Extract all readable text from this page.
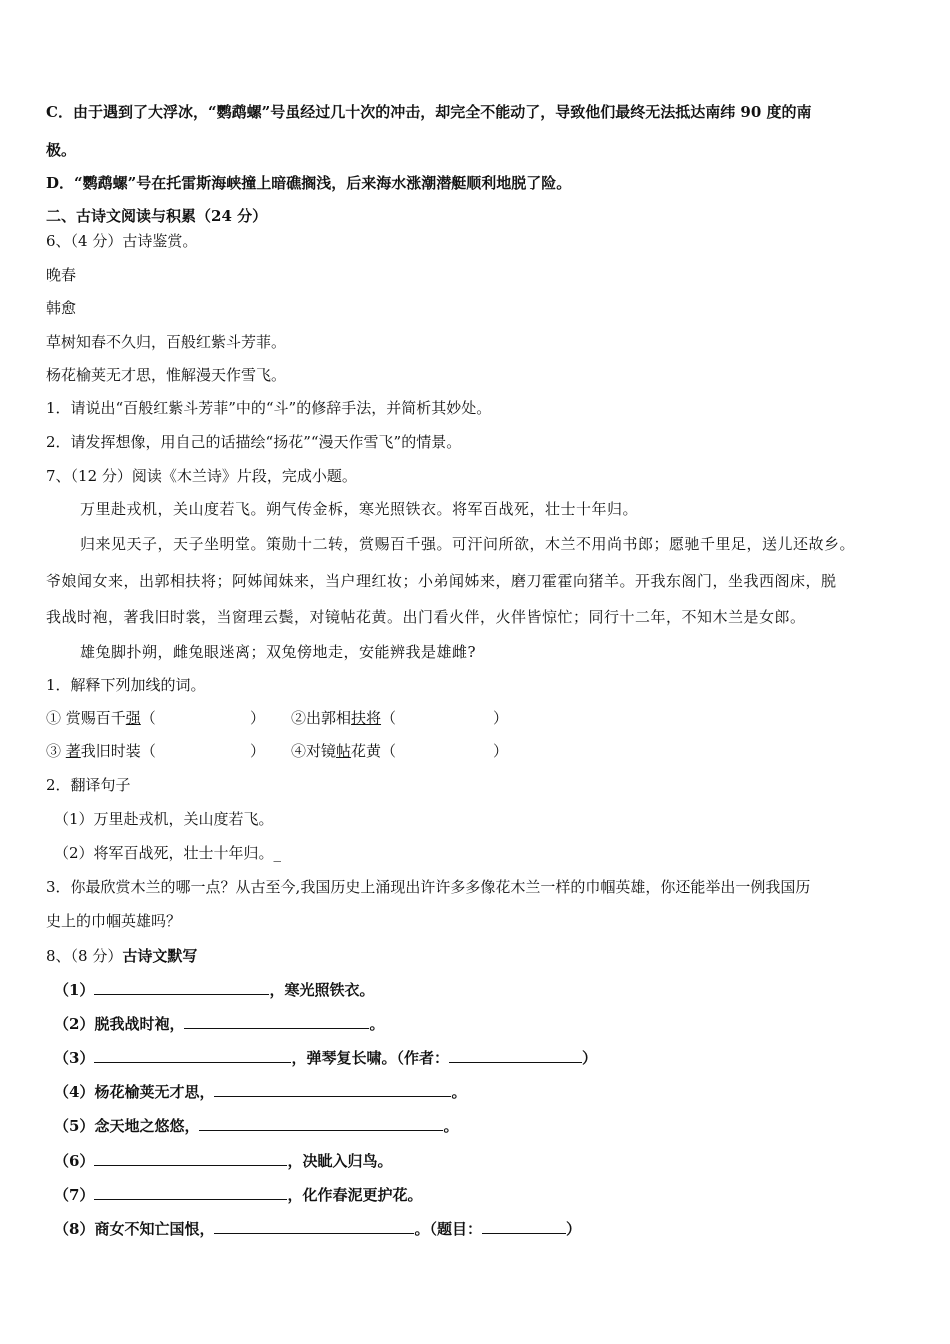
C．由于遇到了大浮冰，“鹦鹉螺”号虽经过几十次的冲击，却完全不能动了，导致他们最终无法抵达南纬 90 度的南
极。
D．“鹦鹉螺”号在托雷斯海峡撞上暗礁搁浅，后来海水涨潮潜艇顺利地脱了险。
二、古诗文阅读与积累（24 分）
6、（4 分）古诗鉴赏。
晚春
韩愈
草树知春不久归，百般红紫斗芳菲。
杨花榆荚无才思，惟解漫天作雪飞。
1．请说出“百般红紫斗芳菲”中的“斗”的修辞手法，并简析其妙处。
2．请发挥想像，用自己的话描绘“扬花”“漫天作雪飞”的情景。
7、（12 分）阅读《木兰诗》片段，完成小题。
万里赴戎机，关山度若飞。朔气传金柝，寒光照铁衣。将军百战死，壮士十年归。
归来见天子，天子坐明堂。策勋十二转，赏赐百千强。可汗问所欲，木兰不用尚书郎；愿驰千里足，送儿还故乡。
爷娘闻女来，出郭相扶将；阿姊闻妹来，当户理红妆；小弟闻姊来，磨刀霍霍向猪羊。开我东阁门，坐我西阁床，脱
我战时袍，著我旧时裳，当窗理云鬓，对镜帖花黄。出门看火伴，火伴皆惊忙；同行十二年，不知木兰是女郎。
雄兔脚扑朔，雌兔眼迷离；双兔傍地走，安能辨我是雄雌?
1．解释下列加线的词。
① 赏赐百千强（	） ②出郭相扶将（	）
③ 著我旧时装（	） ④对镜帖花黄（	）
2．翻译句子
（1）万里赴戎机，关山度若飞。
（2）将军百战死，壮士十年归。_
3．你最欣赏木兰的哪一点？从古至今,我国历史上涌现出许许多多像花木兰一样的巾帼英雄，你还能举出一例我国历
史上的巾帼英雄吗？
8、（8 分）古诗文默写
（1）	，寒光照铁衣。
（2）脱我战时袍，	。
（3）	，弹琴复长啸。（作者：	）
（4）杨花榆荚无才思，	。
（5）念天地之悠悠，	。
（6）	，决眦入归鸟。
（7）	，化作春泥更护花。
（8）商女不知亡国恨，	。（题目：	）
